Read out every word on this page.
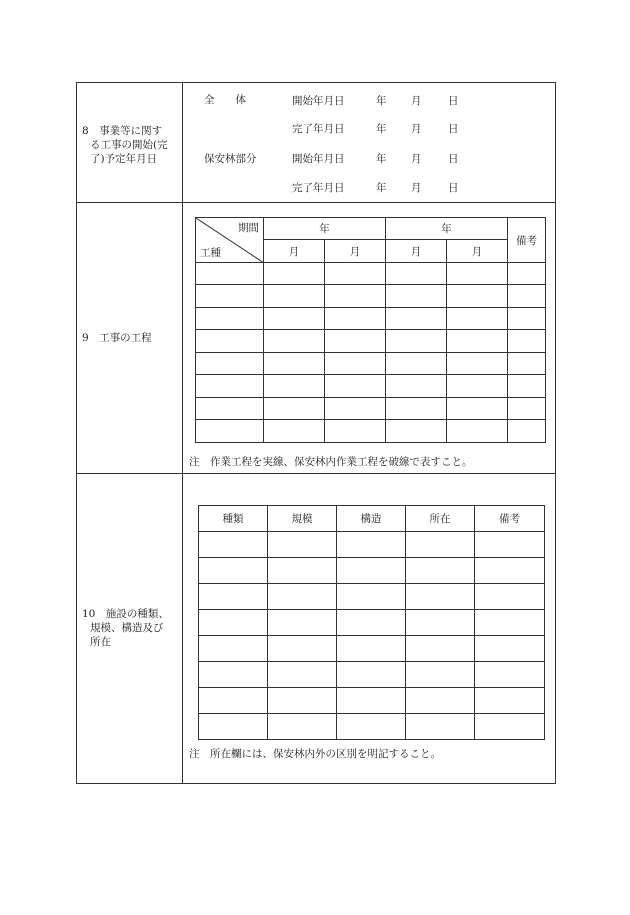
8　事業等に関す
る工事の開始(完
了)予定年月日
全　　体	開始年月日	年 月	日
完了年月日	年 月	日
保安林部分	開始年月日	年 月	日
完了年月日	年 月	日
9　工事の工程
期間
工種	年		年		備考
	月	月	月	月	

注　作業工程を実線、保安林内作業工程を破線で表すこと。
10　施設の種類、
規模、構造及び
所在
種類	規模	構造	所在	備考

注　所在欄には、保安林内外の区別を明記すること。
